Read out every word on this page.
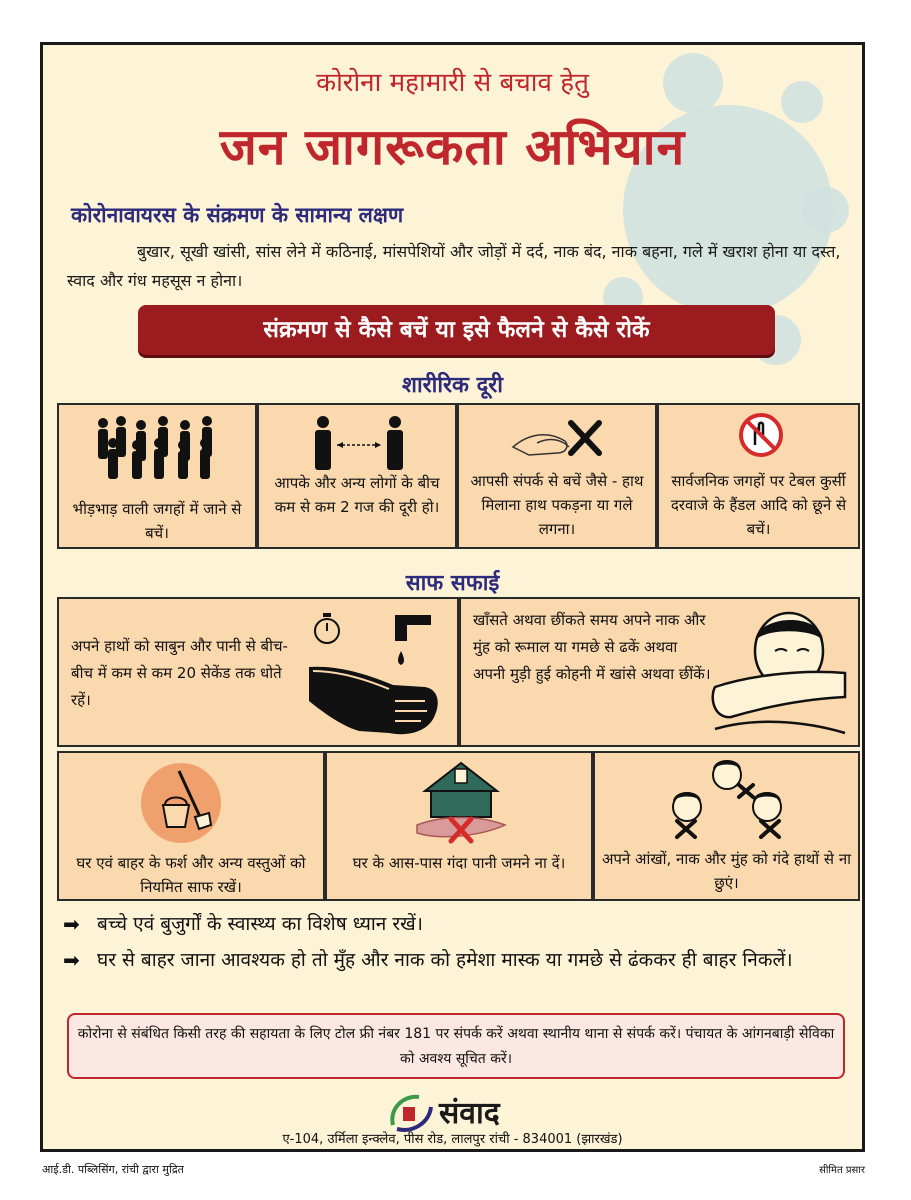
कोरोना महामारी से बचाव हेतु
जन जागरूकता अभियान
कोरोनावायरस के संक्रमण के सामान्य लक्षण
बुखार, सूखी खांसी, सांस लेने में कठिनाई, मांसपेशियों और जोड़ों में दर्द, नाक बंद, नाक बहना, गले में खराश होना या दस्त, स्वाद और गंध महसूस न होना।
संक्रमण से कैसे बचें या इसे फैलने से कैसे रोकें
शारीरिक दूरी
भीड़भाड़ वाली जगहों में जाने से बचें।
आपके और अन्य लोगों के बीच कम से कम 2 गज की दूरी हो।
आपसी संपर्क से बचें जैसे - हाथ मिलाना हाथ पकड़ना या गले लगना।
सार्वजनिक जगहों पर टेबल कुर्सी दरवाजे के हैंडल आदि को छूने से बचें।
साफ सफाई
अपने हाथों को साबुन और पानी से बीच-बीच में कम से कम 20 सेकेंड तक धोते रहें।
खाँसते अथवा छींकते समय अपने नाक और मुंह को रूमाल या गमछे से ढकें अथवा अपनी मुड़ी हुई कोहनी में खांसे अथवा छींकें।
घर एवं बाहर के फर्श और अन्य वस्तुओं को नियमित साफ रखें।
घर के आस-पास गंदा पानी जमने ना दें।	अपने आंखों, नाक और मुंह को गंदे हाथों से ना छुएं।
➡ बच्चे एवं बुजुर्गों के स्वास्थ्य का विशेष ध्यान रखें।
➡ घर से बाहर जाना आवश्यक हो तो मुँह और नाक को हमेशा मास्क या गमछे से ढंककर ही बाहर निकलें।
कोरोना से संबंधित किसी तरह की सहायता के लिए टोल फ्री नंबर 181 पर संपर्क करें अथवा स्थानीय थाना से संपर्क करें। पंचायत के आंगनबाड़ी सेविका को अवश्य सूचित करें।
संवाद
ए-104, उर्मिला इन्क्लेव, पीस रोड, लालपुर रांची - 834001 (झारखंड)
आई.डी. पब्लिसिंग, रांची द्वारा मुद्रित	सीमित प्रसार
